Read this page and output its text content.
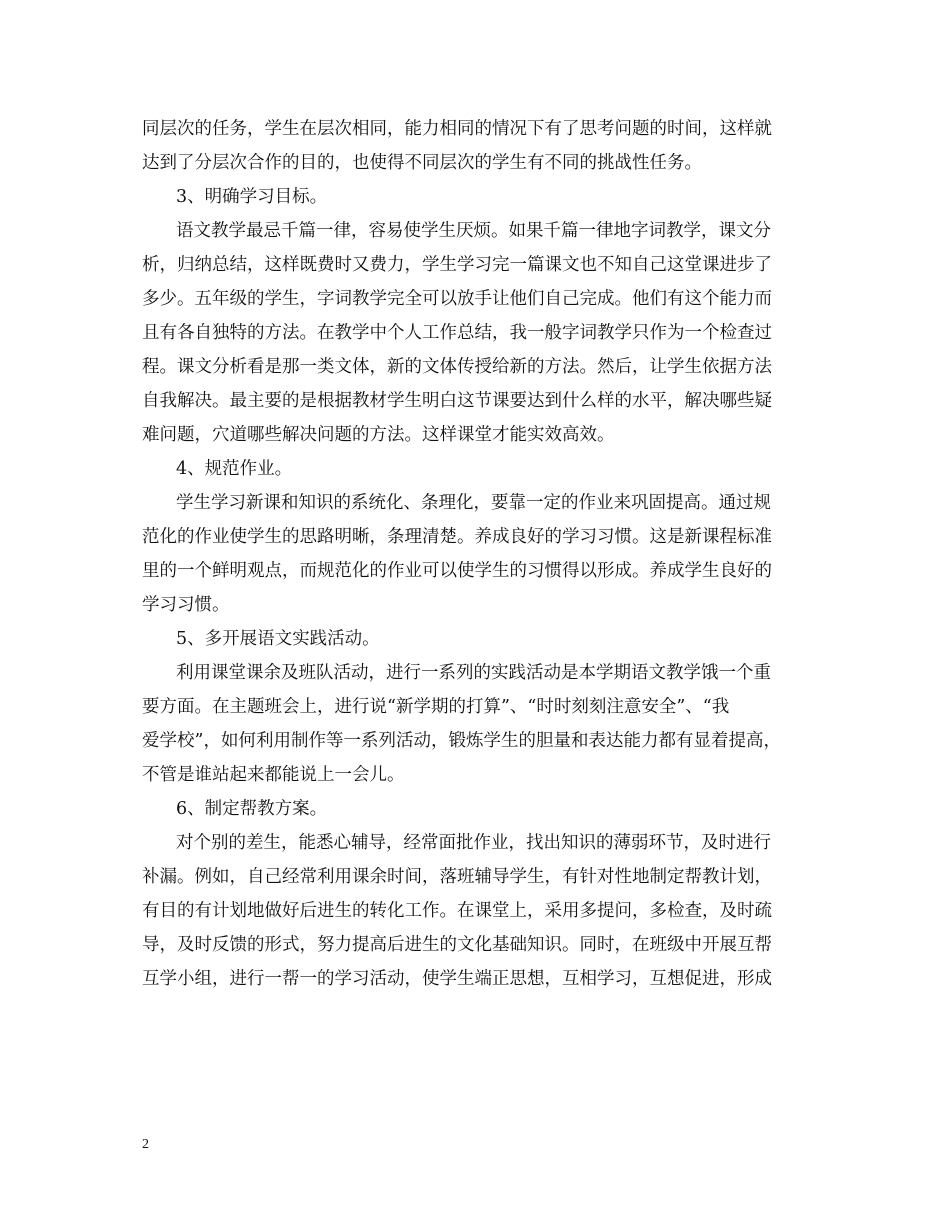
同层次的任务，学生在层次相同，能力相同的情况下有了思考问题的时间，这样就
达到了分层次合作的目的，也使得不同层次的学生有不同的挑战性任务。
3、明确学习目标。
语文教学最忌千篇一律，容易使学生厌烦。如果千篇一律地字词教学，课文分
析，归纳总结，这样既费时又费力，学生学习完一篇课文也不知自己这堂课进步了
多少。五年级的学生，字词教学完全可以放手让他们自己完成。他们有这个能力而
且有各自独特的方法。在教学中个人工作总结，我一般字词教学只作为一个检查过
程。课文分析看是那一类文体，新的文体传授给新的方法。然后，让学生依据方法
自我解决。最主要的是根据教材学生明白这节课要达到什么样的水平，解决哪些疑
难问题，穴道哪些解决问题的方法。这样课堂才能实效高效。
4、规范作业。
学生学习新课和知识的系统化、条理化，要靠一定的作业来巩固提高。通过规
范化的作业使学生的思路明晰，条理清楚。养成良好的学习习惯。这是新课程标准
里的一个鲜明观点，而规范化的作业可以使学生的习惯得以形成。养成学生良好的
学习习惯。
5、多开展语文实践活动。
利用课堂课余及班队活动，进行一系列的实践活动是本学期语文教学饿一个重
要方面。在主题班会上，进行说“新学期的打算”、“时时刻刻注意安全”、“我
爱学校”，如何利用制作等一系列活动，锻炼学生的胆量和表达能力都有显着提高，
不管是谁站起来都能说上一会儿。
6、制定帮教方案。
对个别的差生，能悉心辅导，经常面批作业，找出知识的薄弱环节，及时进行
补漏。例如，自己经常利用课余时间，落班辅导学生，有针对性地制定帮教计划，
有目的有计划地做好后进生的转化工作。在课堂上，采用多提问，多检查，及时疏
导，及时反馈的形式，努力提高后进生的文化基础知识。同时，在班级中开展互帮
互学小组，进行一帮一的学习活动，使学生端正思想，互相学习，互想促进，形成
2
